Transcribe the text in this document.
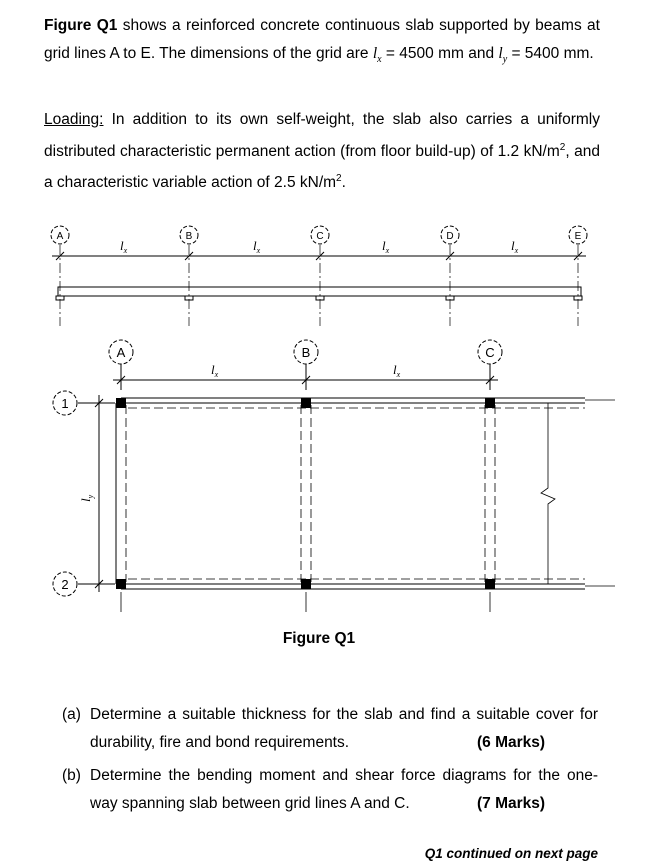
Figure Q1 shows a reinforced concrete continuous slab supported by beams at grid lines A to E. The dimensions of the grid are $l_x = 4500$ mm and $l_y = 5400$ mm.
Loading: In addition to its own self-weight, the slab also carries a uniformly distributed characteristic permanent action (from floor build-up) of 1.2 $kN/m^2$, and a characteristic variable action of 2.5 $kN/m^2$.
A	B	C	D	E
A	B	C
1
2
$l_x$	$l_x$	$l_x$	$l_x$
$l_x$	$l_x$
$l_y$
Figure Q1
(a) Determine a suitable thickness for the slab and find a suitable cover for durability, fire and bond requirements.	(6 Marks)
(b) Determine the bending moment and shear force diagrams for the one-way spanning slab between grid lines A and C.	(7 Marks)
Q1 continued on next page
